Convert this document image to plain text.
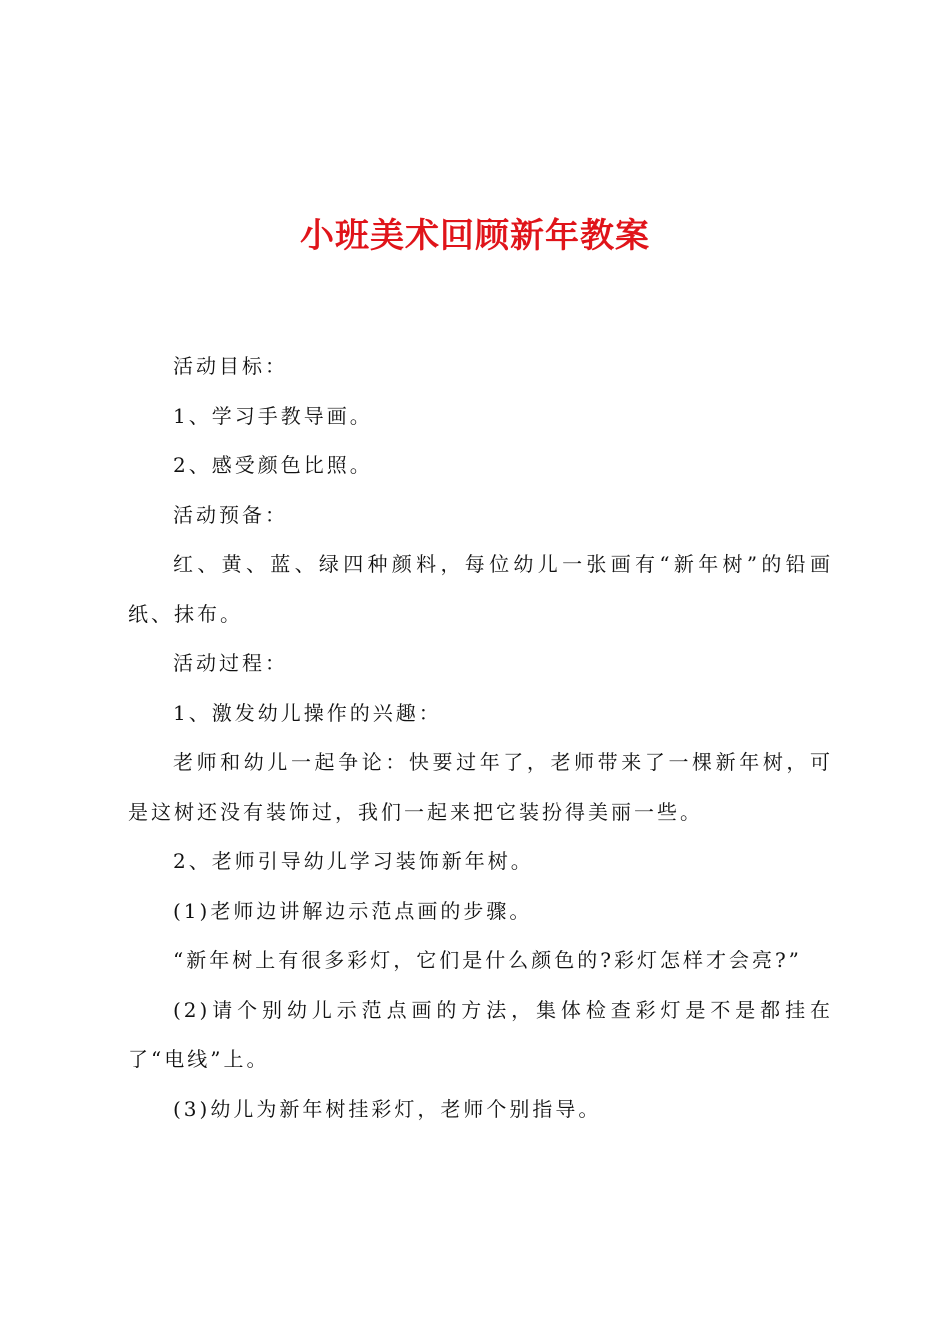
小班美术回顾新年教案

活动目标：

1、学习手教导画。

2、感受颜色比照。

活动预备：

红、黄、蓝、绿四种颜料，每位幼儿一张画有“新年树”的铅画纸、抹布。

活动过程：

1、激发幼儿操作的兴趣：

老师和幼儿一起争论：快要过年了，老师带来了一棵新年树，可是这树还没有装饰过，我们一起来把它装扮得美丽一些。

2、老师引导幼儿学习装饰新年树。

(1)老师边讲解边示范点画的步骤。

“新年树上有很多彩灯，它们是什么颜色的?彩灯怎样才会亮?”

(2)请个别幼儿示范点画的方法，集体检查彩灯是不是都挂在了“电线”上。

(3)幼儿为新年树挂彩灯，老师个别指导。
